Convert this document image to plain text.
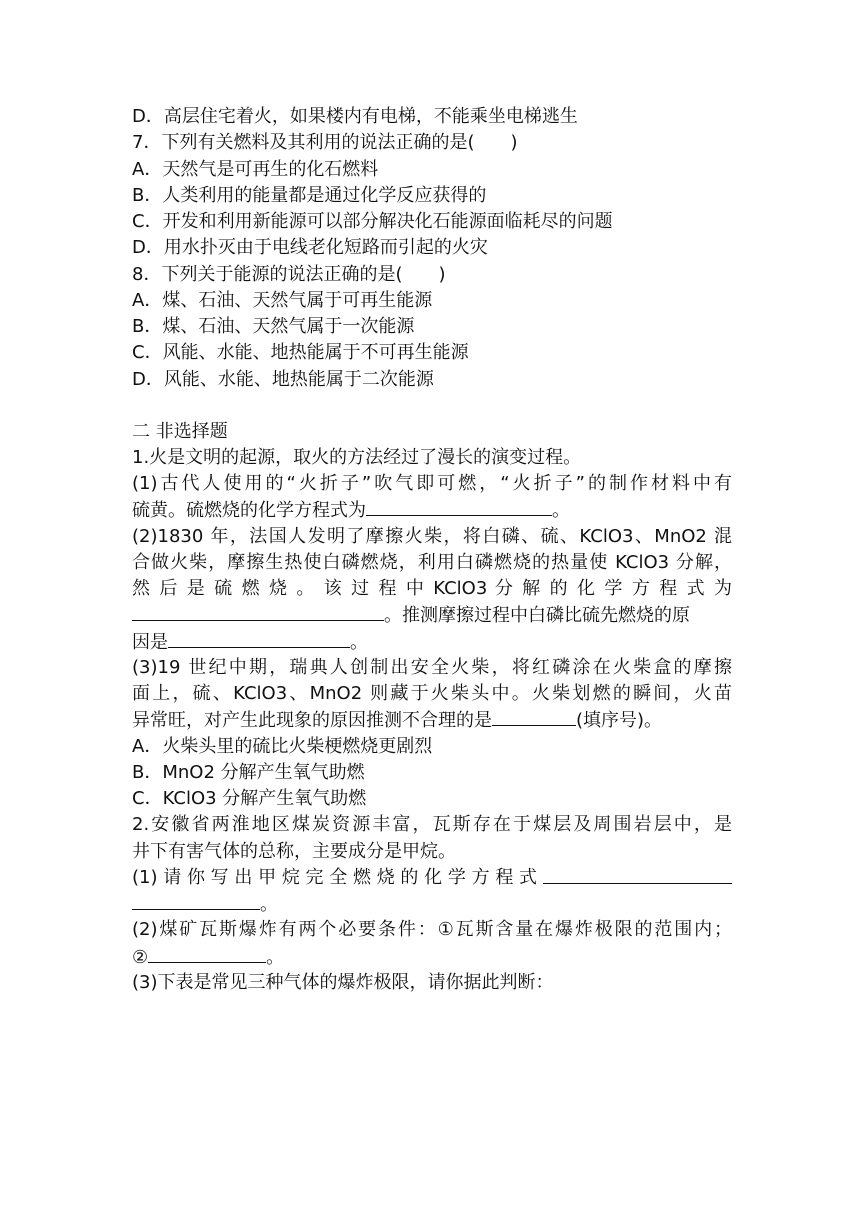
D．高层住宅着火，如果楼内有电梯，不能乘坐电梯逃生
7．下列有关燃料及其利用的说法正确的是(　　)
A．天然气是可再生的化石燃料
B．人类利用的能量都是通过化学反应获得的
C．开发和利用新能源可以部分解决化石能源面临耗尽的问题
D．用水扑灭由于电线老化短路而引起的火灾
8．下列关于能源的说法正确的是(　　)
A．煤、石油、天然气属于可再生能源
B．煤、石油、天然气属于一次能源
C．风能、水能、地热能属于不可再生能源
D．风能、水能、地热能属于二次能源
二 非选择题
1.火是文明的起源，取火的方法经过了漫长的演变过程。
(1)古代人使用的“火折子”吹气即可燃，“火折子”的制作材料中有
硫黄。硫燃烧的化学方程式为	。
(2)1830 年，法国人发明了摩擦火柴，将白磷、硫、KClO3、MnO2 混
合做火柴，摩擦生热使白磷燃烧，利用白磷燃烧的热量使 KClO3 分解，
然 后 是 硫 燃 烧 。 该 过 程 中 KClO3 分 解 的 化 学 方 程 式 为
。推测摩擦过程中白磷比硫先燃烧的原
因是	。
(3)19 世纪中期，瑞典人创制出安全火柴，将红磷涂在火柴盒的摩擦
面上，硫、KClO3、MnO2 则藏于火柴头中。火柴划燃的瞬间，火苗
异常旺，对产生此现象的原因推测不合理的是	(填序号)。
A．火柴头里的硫比火柴梗燃烧更剧烈
B．MnO2 分解产生氧气助燃
C．KClO3 分解产生氧气助燃
2.安徽省两淮地区煤炭资源丰富，瓦斯存在于煤层及周围岩层中，是
井下有害气体的总称，主要成分是甲烷。
(1) 请 你 写 出 甲 烷 完 全 燃 烧 的 化 学 方 程 式
。
(2)煤矿瓦斯爆炸有两个必要条件：①瓦斯含量在爆炸极限的范围内；
②	。
(3)下表是常见三种气体的爆炸极限，请你据此判断：
